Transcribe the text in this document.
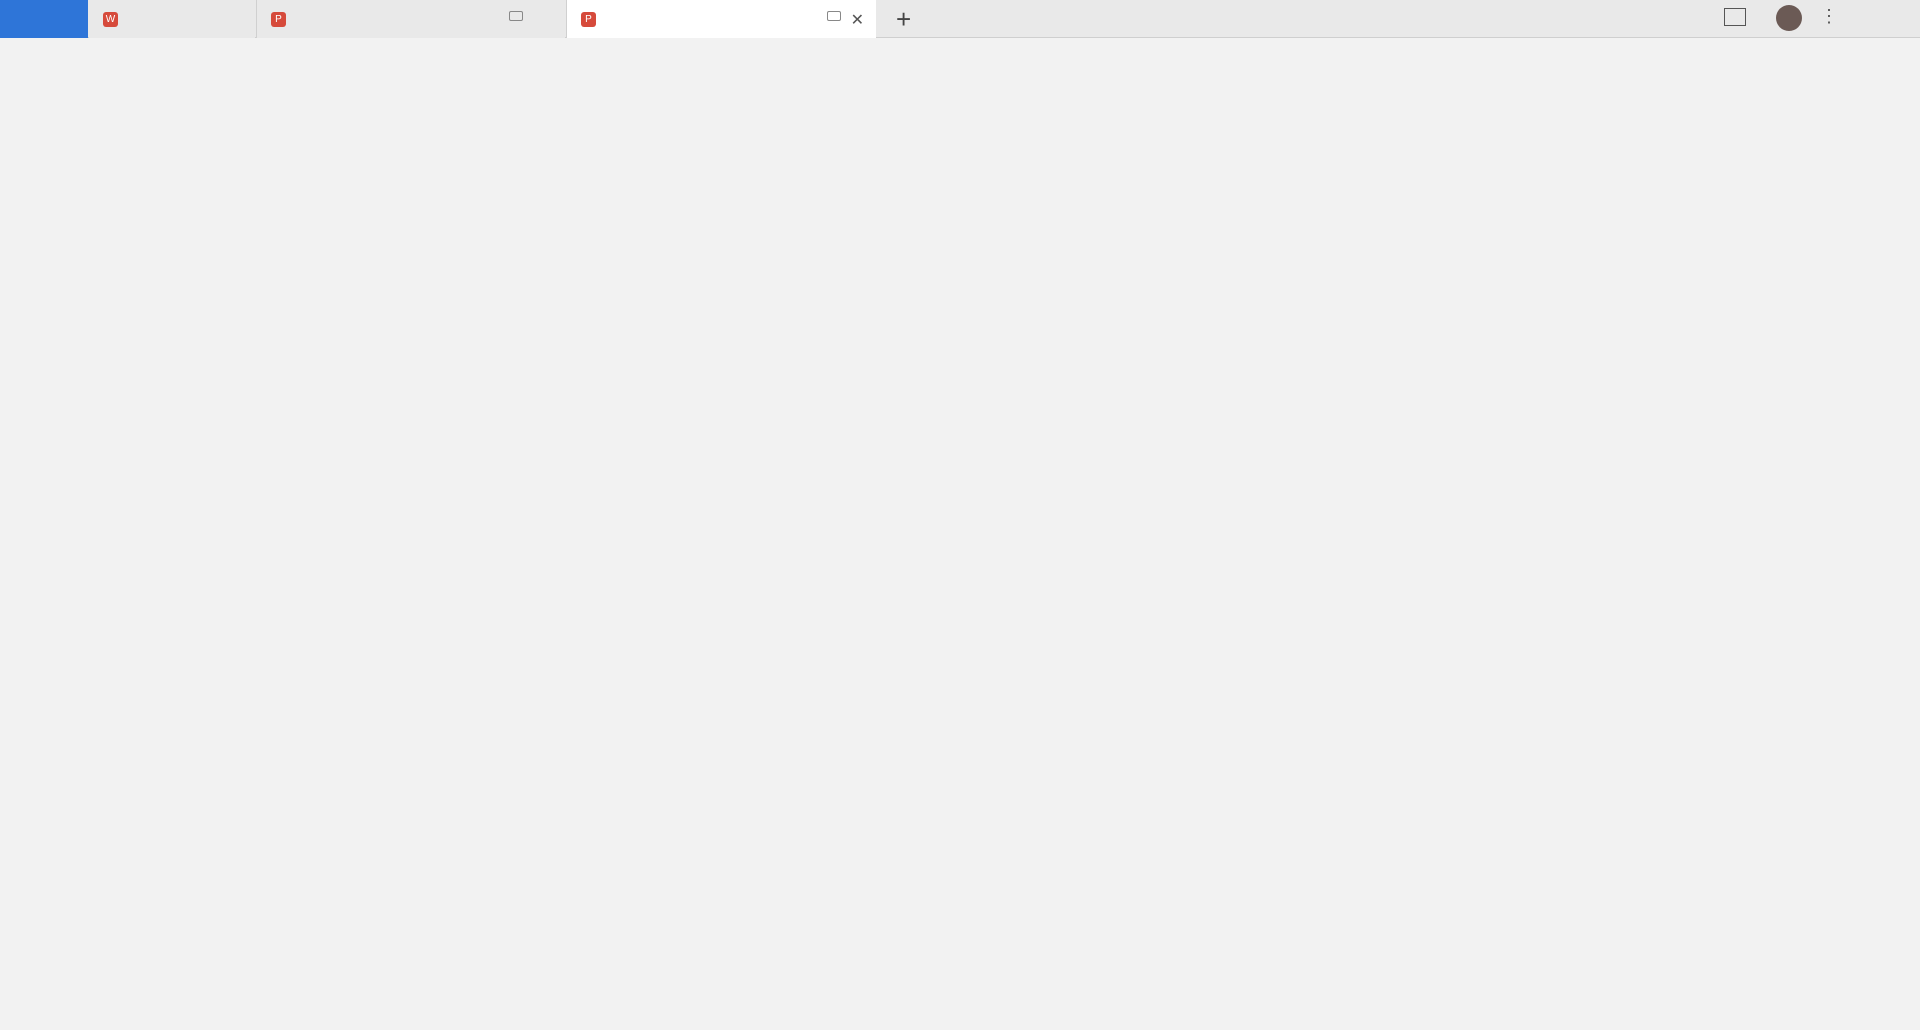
W	P	P	✕ +	⋮
